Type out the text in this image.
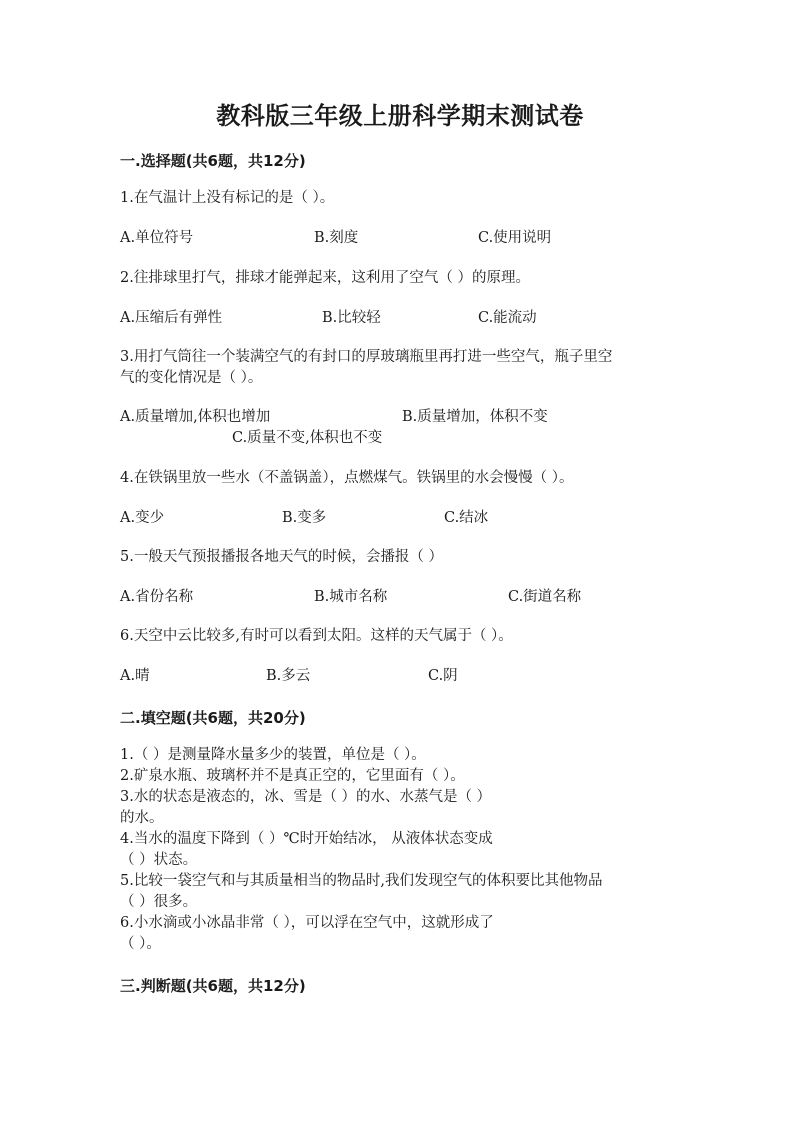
教科版三年级上册科学期末测试卷
一.选择题(共6题，共12分)
1.在气温计上没有标记的是（ ）。
A.单位符号	B.刻度	C.使用说明
2.往排球里打气，排球才能弹起来，这利用了空气（ ）的原理。
A.压缩后有弹性	B.比较轻	C.能流动
3.用打气筒往一个装满空气的有封口的厚玻璃瓶里再打进一些空气，瓶子里空
气的变化情况是（ ）。
A.质量增加,体积也增加	B.质量增加，体积不变
C.质量不变,体积也不变
4.在铁锅里放一些水（不盖锅盖），点燃煤气。铁锅里的水会慢慢（ ）。
A.变少	B.变多	C.结冰
5.一般天气预报播报各地天气的时候，会播报（ ）
A.省份名称	B.城市名称	C.街道名称
6.天空中云比较多,有时可以看到太阳。这样的天气属于（ ）。
A.晴	B.多云	C.阴
二.填空题(共6题，共20分)
1.（ ）是测量降水量多少的装置，单位是（ ）。
2.矿泉水瓶、玻璃杯并不是真正空的，它里面有（ ）。
3.水的状态是液态的，冰、雪是（ ）的水、水蒸气是（ ）
的水。
4.当水的温度下降到（ ）℃时开始结冰， 从液体状态变成
（ ）状态。
5.比较一袋空气和与其质量相当的物品时,我们发现空气的体积要比其他物品
（ ）很多。
6.小水滴或小冰晶非常（ ），可以浮在空气中，这就形成了
（ ）。
三.判断题(共6题，共12分)
